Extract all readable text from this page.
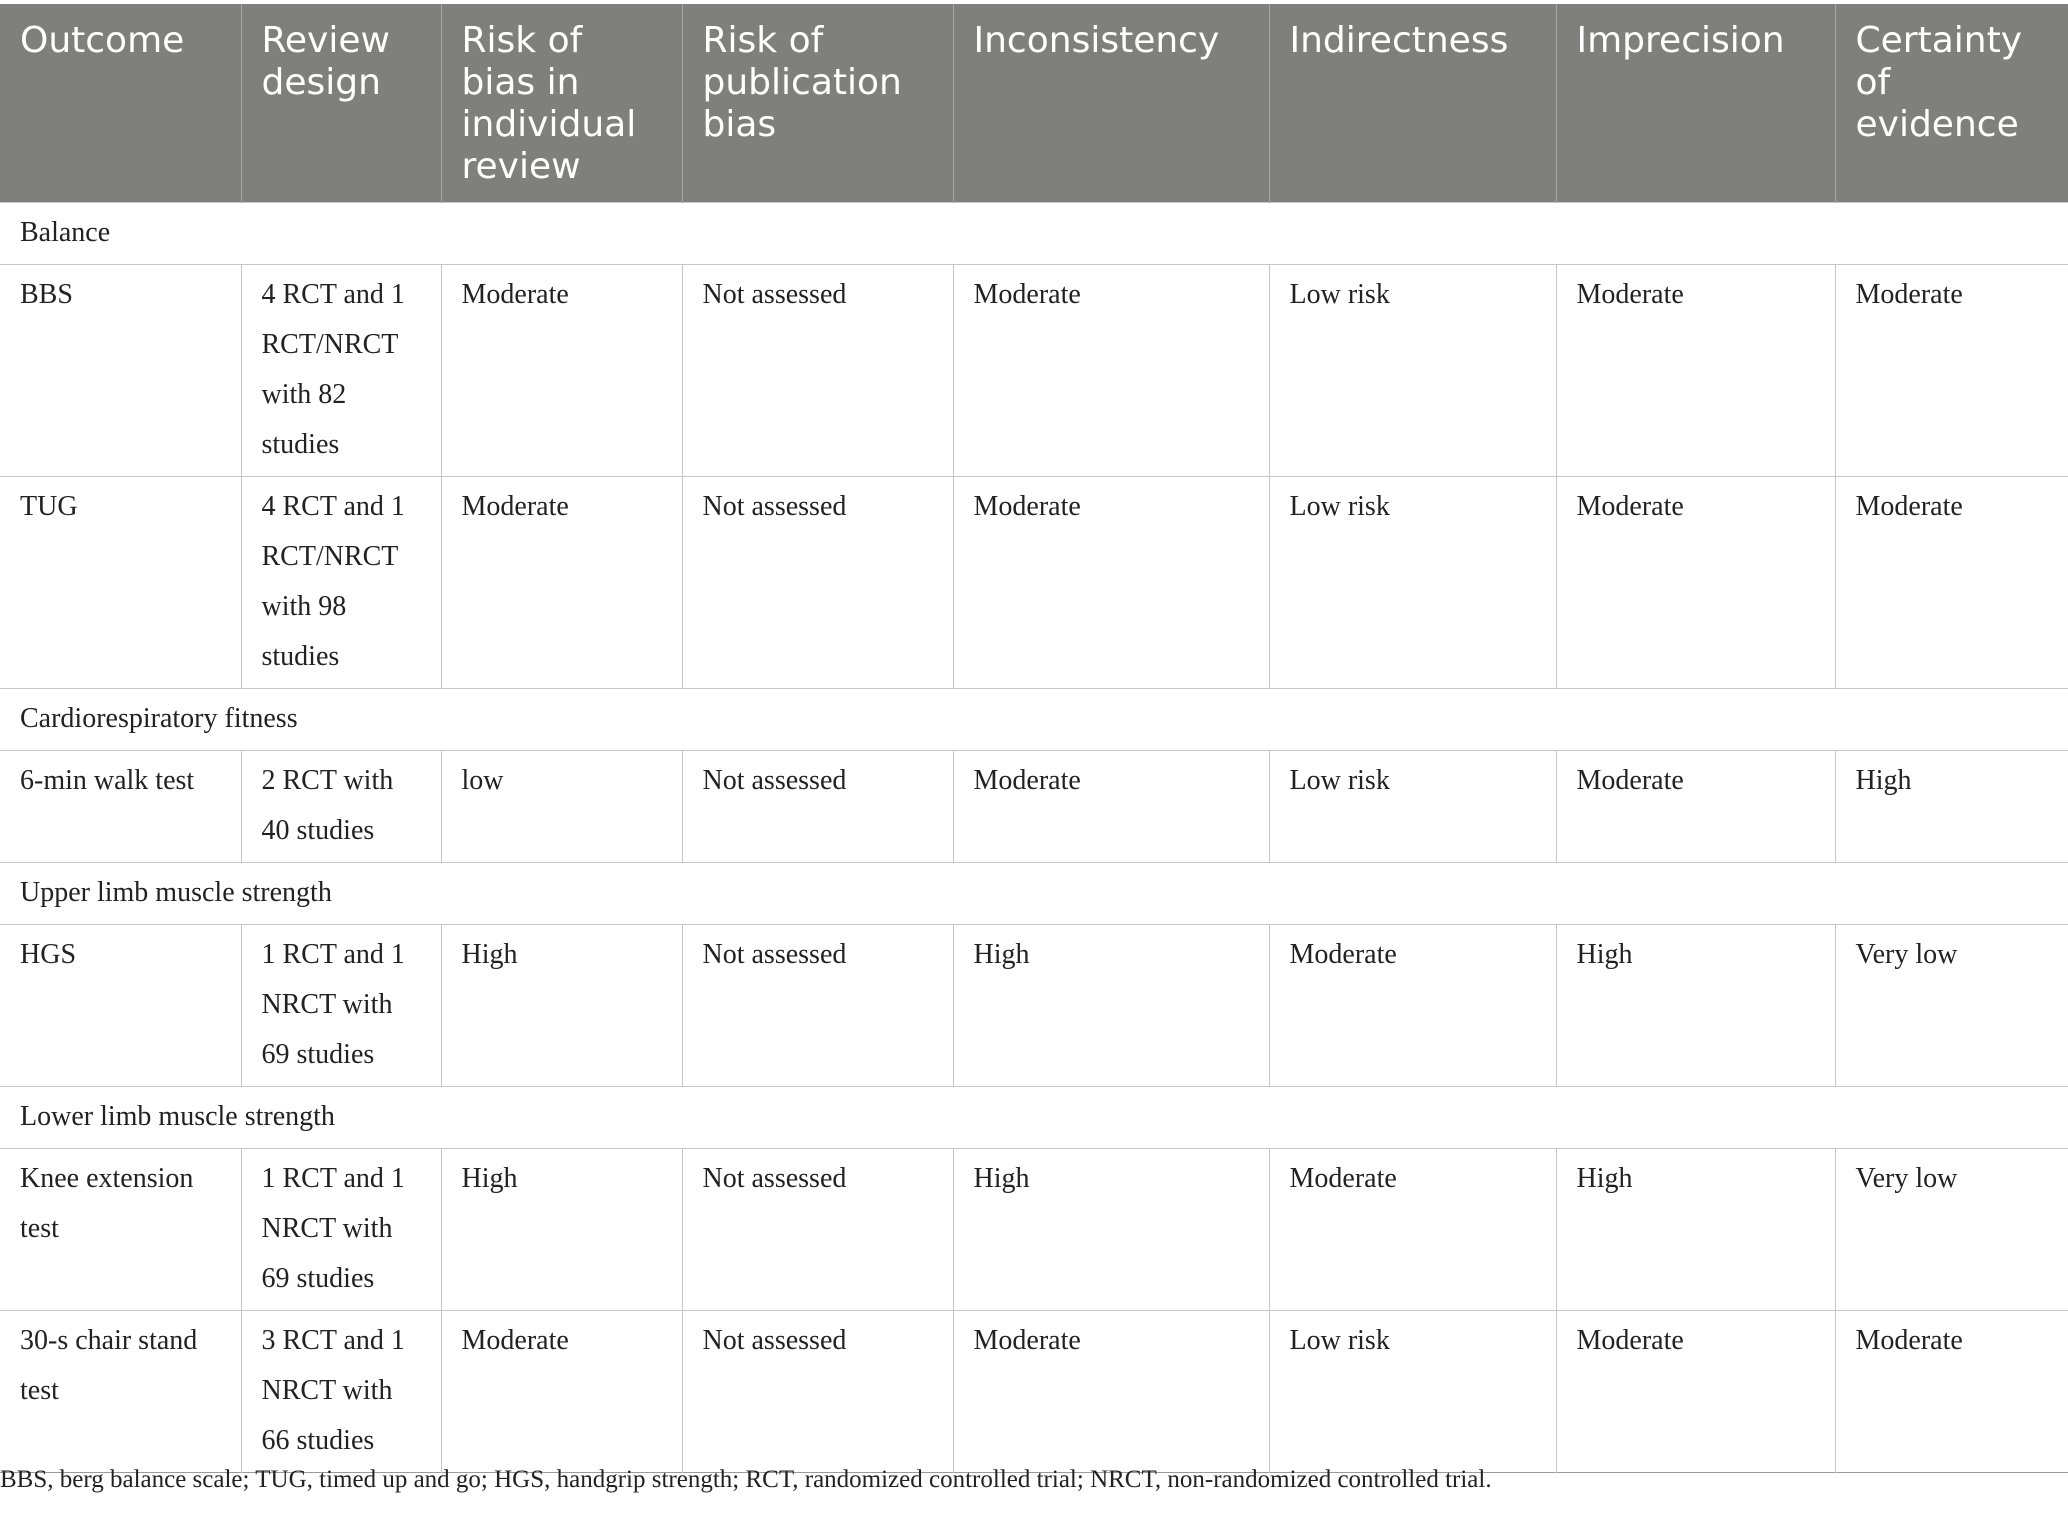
Outcome	Review design	Risk of bias in individual review	Risk of publication bias	Inconsistency	Indirectness	Imprecision	Certainty of evidence
Balance							
BBS	4 RCT and 1 RCT/NRCT with 82 studies	Moderate	Not assessed	Moderate	Low risk	Moderate	Moderate
TUG	4 RCT and 1 RCT/NRCT with 98 studies	Moderate	Not assessed	Moderate	Low risk	Moderate	Moderate
Cardiorespiratory fitness							
6-min walk test	2 RCT with 40 studies	low	Not assessed	Moderate	Low risk	Moderate	High
Upper limb muscle strength							
HGS	1 RCT and 1 NRCT with 69 studies	High	Not assessed	High	Moderate	High	Very low
Lower limb muscle strength							
Knee extension test	1 RCT and 1 NRCT with 69 studies	High	Not assessed	High	Moderate	High	Very low
30-s chair stand test	3 RCT and 1 NRCT with 66 studies	Moderate	Not assessed	Moderate	Low risk	Moderate	Moderate
BBS, berg balance scale; TUG, timed up and go; HGS, handgrip strength; RCT, randomized controlled trial; NRCT, non-randomized controlled trial.
